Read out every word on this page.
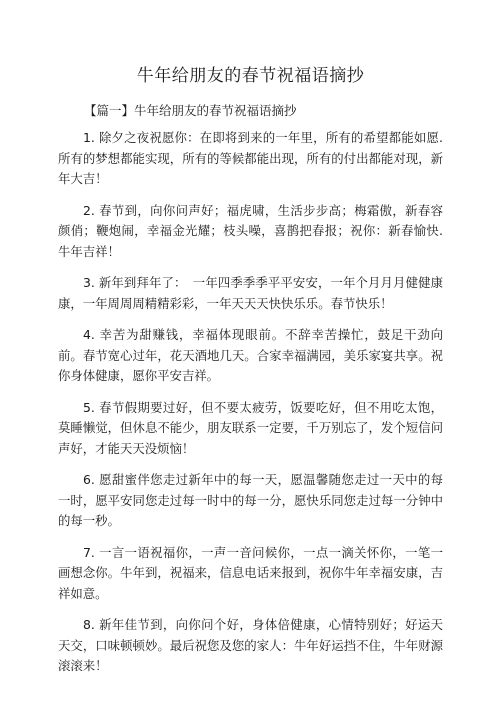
牛年给朋友的春节祝福语摘抄
【篇一】牛年给朋友的春节祝福语摘抄
1. 除夕之夜祝愿你：在即将到来的一年里，所有的希望都能如愿.所有的梦想都能实现，所有的等候都能出现，所有的付出都能对现，新年大吉！
2. 春节到，向你问声好；福虎啸，生活步步高；梅霜傲，新春容颜俏；鞭炮闹，幸福金光耀；枝头噪，喜鹊把春报；祝你：新春愉快.牛年吉祥！
3. 新年到拜年了：　一年四季季季平平安安，一年个月月月健健康康，一年周周周精精彩彩，一年天天天快快乐乐。春节快乐！
4. 幸苦为甜赚钱，幸福体现眼前。不辞幸苦操忙，鼓足干劲向前。春节宽心过年，花天酒地几天。合家幸福满园，美乐家宴共享。祝你身体健康，愿你平安吉祥。
5. 春节假期要过好，但不要太疲劳，饭要吃好，但不用吃太饱，莫睡懒觉，但休息不能少，朋友联系一定要，千万别忘了，发个短信问声好，才能天天没烦恼！
6. 愿甜蜜伴您走过新年中的每一天，愿温馨随您走过一天中的每一时，愿平安同您走过每一时中的每一分，愿快乐同您走过每一分钟中的每一秒。
7. 一言一语祝福你，一声一音问候你，一点一滴关怀你，一笔一画想念你。牛年到，祝福来，信息电话来报到，祝你牛年幸福安康，吉祥如意。
8. 新年佳节到，向你问个好，身体倍健康，心情特别好；好运天天交，口味顿顿妙。最后祝您及您的家人：牛年好运挡不住，牛年财源滚滚来！
